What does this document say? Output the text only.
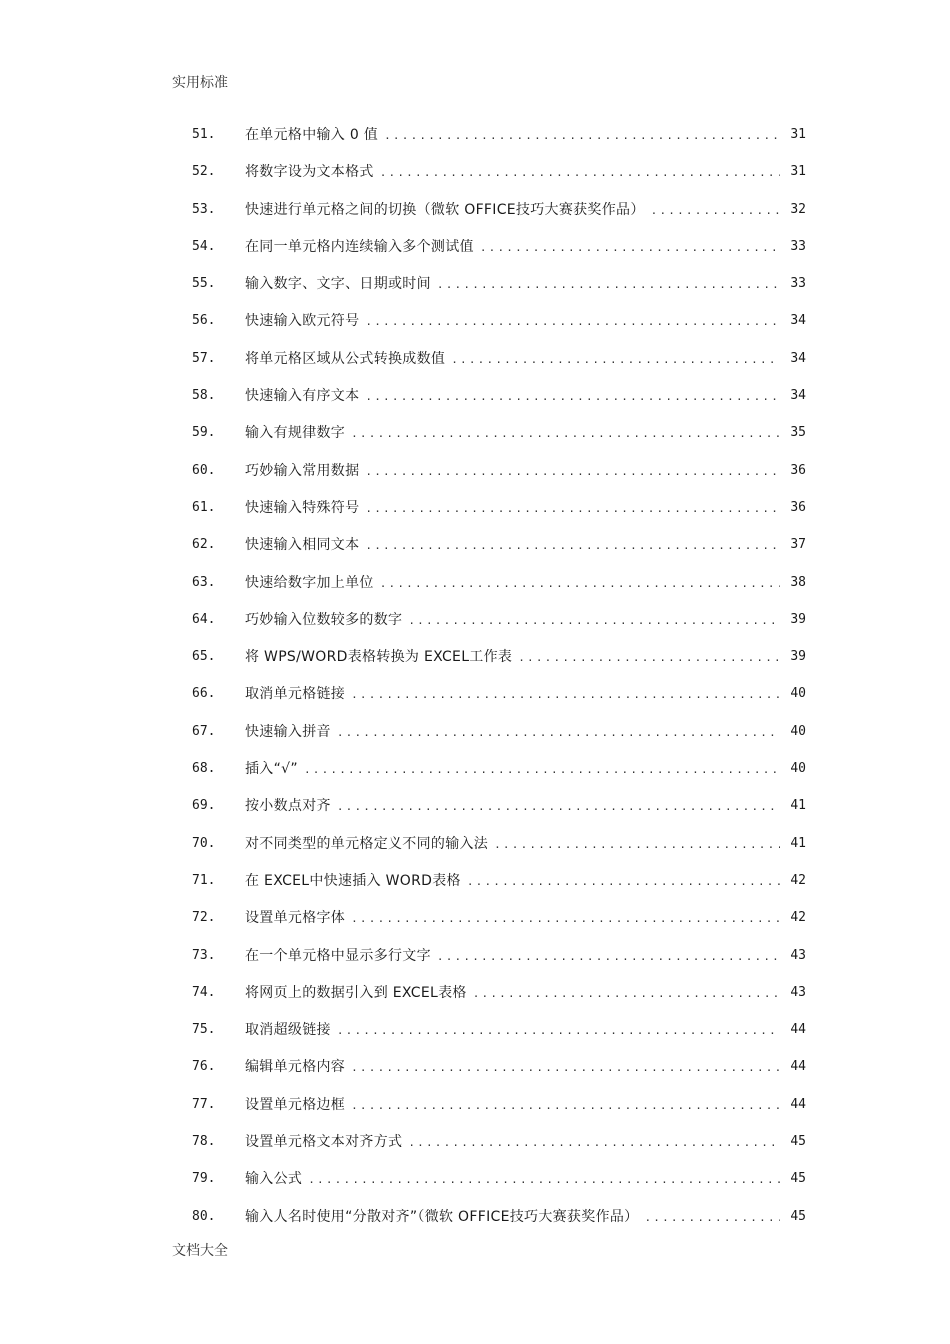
实用标准
51. 在单元格中输入 0 值 .....	31
52. 将数字设为文本格式 .....	31
53. 快速进行单元格之间的切换（微软 OFFICE技巧大赛获奖作品） .....	32
54. 在同一单元格内连续输入多个测试值 .....	33
55. 输入数字、文字、日期或时间 .....	33
56. 快速输入欧元符号 .....	34
57. 将单元格区域从公式转换成数值 .....	34
58. 快速输入有序文本 .....	34
59. 输入有规律数字 .....	35
60. 巧妙输入常用数据 .....	36
61. 快速输入特殊符号 .....	36
62. 快速输入相同文本 .....	37
63. 快速给数字加上单位 .....	38
64. 巧妙输入位数较多的数字 .....	39
65. 将 WPS/WORD表格转换为 EXCEL工作表 .....	39
66. 取消单元格链接 .....	40
67. 快速输入拼音 .....	40
68. 插入“√” .....	40
69. 按小数点对齐 .....	41
70. 对不同类型的单元格定义不同的输入法 .....	41
71. 在 EXCEL中快速插入 WORD表格 .....	42
72. 设置单元格字体 .....	42
73. 在一个单元格中显示多行文字 .....	43
74. 将网页上的数据引入到 EXCEL表格 .....	43
75. 取消超级链接 .....	44
76. 编辑单元格内容 .....	44
77. 设置单元格边框 .....	44
78. 设置单元格文本对齐方式 .....	45
79. 输入公式 .....	45
80. 输入人名时使用“分散对齐”（微软 OFFICE技巧大赛获奖作品） .....	45
文档大全
